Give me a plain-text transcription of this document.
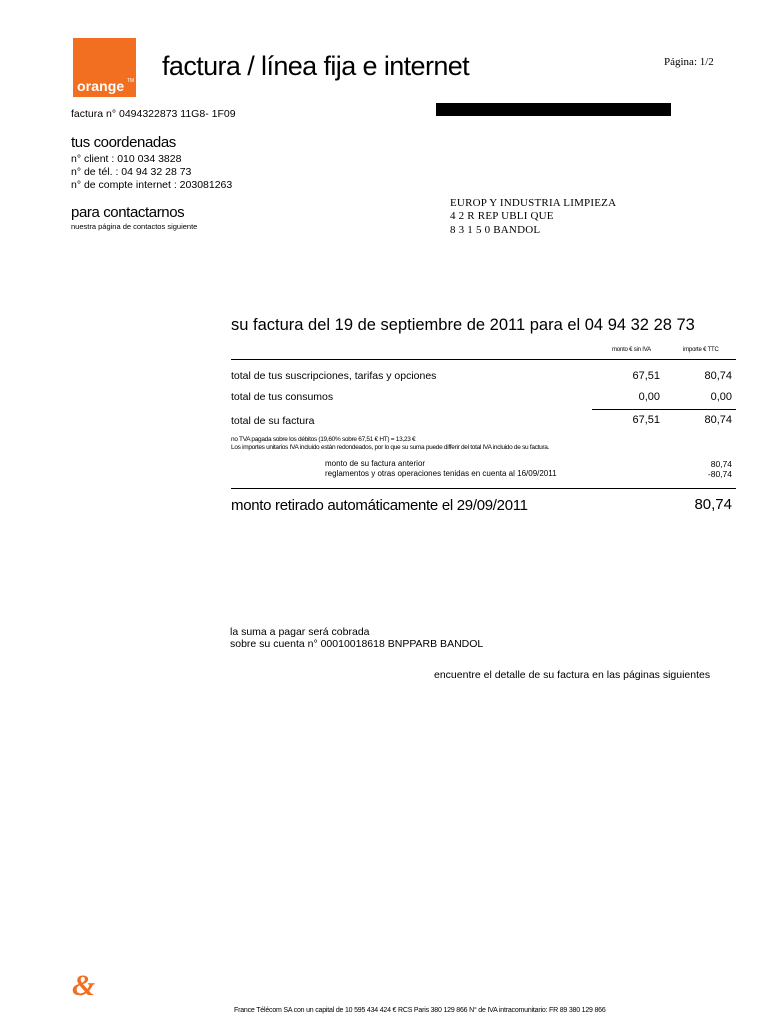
TM
orange
factura / línea fija e internet	Página: 1/2
factura n° 0494322873 11G8- 1F09
tus coordenadas
n° client : 010 034 3828
n° de tél. : 04 94 32 28 73
n° de compte internet : 203081263
para contactarnos
nuestra página de contactos siguiente
EUROP Y INDUSTRIA LIMPIEZA
4 2 R REP UBLI QUE
8 3 1 5 0 BANDOL
su factura del 19 de septiembre de 2011 para el 04 94 32 28 73
monto € sin IVA	importe € TTC
total de tus suscripciones, tarifas y opciones	67,51	80,74
total de tus consumos	0,00	0,00
total de su factura	67,51	80,74
no TVA pagada sobre los débitos (19,60% sobre 67,51 € HT) = 13,23 €
Los importes unitarios IVA incluido están redondeados, por lo que su suma puede differir del total IVA incluido de su factura.
monto de su factura anterior	80,74
reglamentos y otras operaciones tenidas en cuenta al 16/09/2011	-80,74
monto retirado automáticamente el 29/09/2011	80,74
la suma a pagar será cobrada
sobre su cuenta n° 00010018618 BNPPARB BANDOL
encuentre el detalle de su factura en las páginas siguientes
&
France Télécom SA con un capital de 10 595 434 424 € RCS Paris 380 129 866 N° de IVA intracomunitario: FR 89 380 129 866
